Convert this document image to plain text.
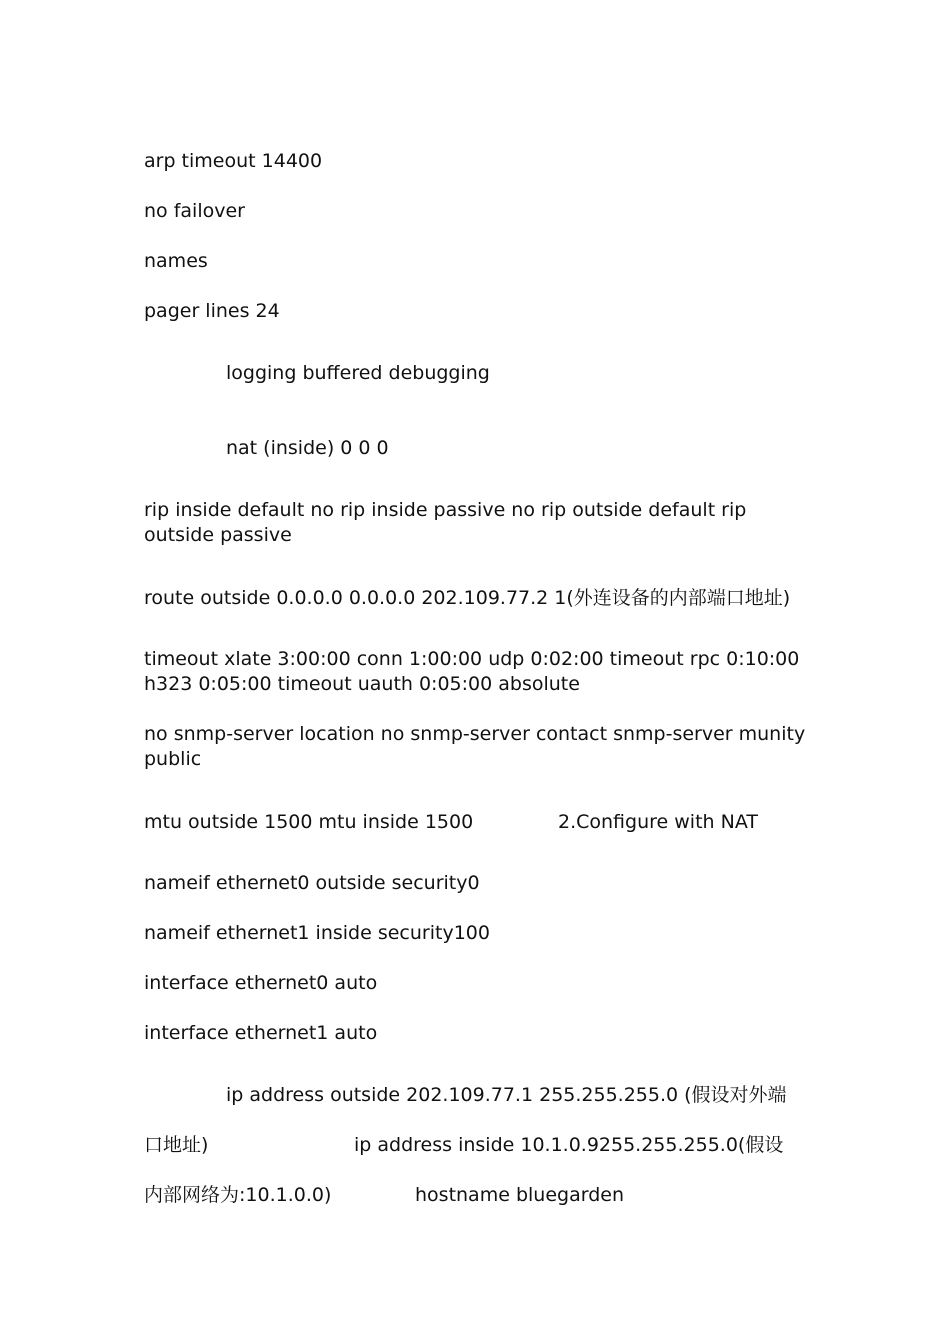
arp timeout 14400
no failover
names
pager lines 24
logging buffered debugging
nat (inside) 0 0 0
rip inside default no rip inside passive no rip outside default rip outside passive
route outside 0.0.0.0 0.0.0.0 202.109.77.2 1(外连设备的内部端口地址)
timeout xlate 3:00:00 conn 1:00:00 udp 0:02:00 timeout rpc 0:10:00 h323 0:05:00 timeout uauth 0:05:00 absolute
no snmp-server location no snmp-server contact snmp-server munity public
mtu outside 1500 mtu inside 1500	2.Configure with NAT
nameif ethernet0 outside security0
nameif ethernet1 inside security100
interface ethernet0 auto
interface ethernet1 auto
ip address outside 202.109.77.1 255.255.255.0 (假设对外端
口地址)	ip address inside 10.1.0.9255.255.255.0(假设
内部网络为:10.1.0.0)	hostname bluegarden
